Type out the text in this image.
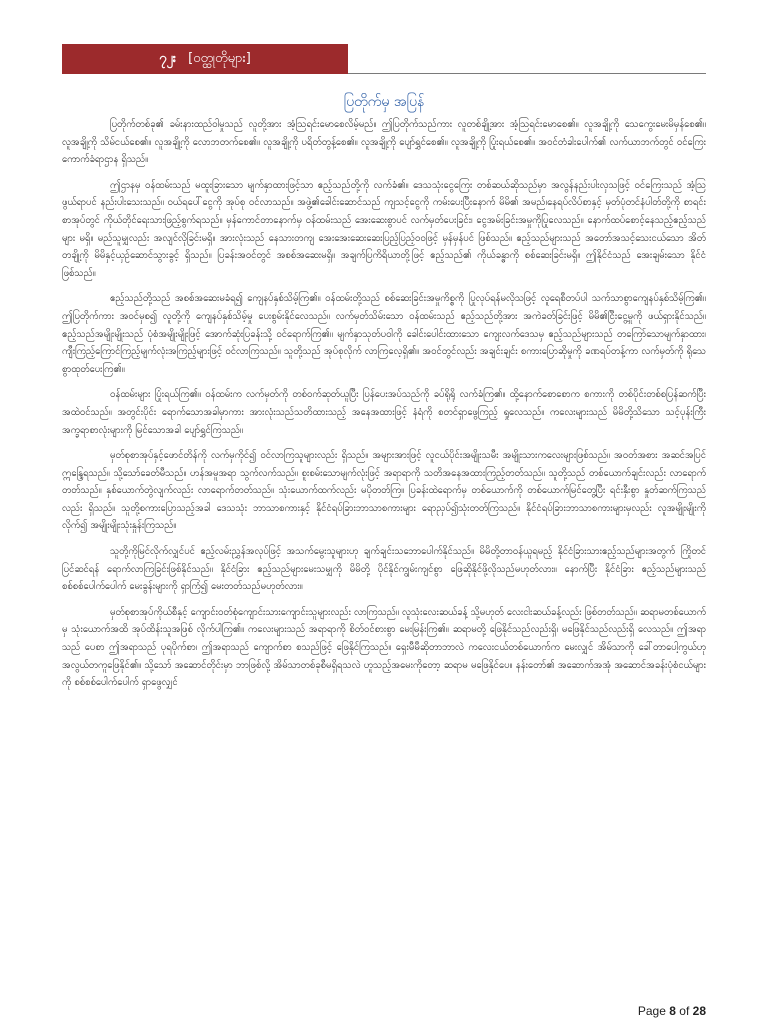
၇၂း [ဝတ္ထုတိုများ]
ပြတိုက်မှ အပြန်

ပြတိုက်တစ်ခု၏ ခမ်းနားထည်ဝါမှုသည် လူတို့အား အံ့သြရင်းမောစေလိမ့်မည်။ ဤပြတိုက်သည်ကား လူတစ်ချို့အား အံ့သြရင်းမောစေ၏။ လူအချို့ကို သေကွေးမေးမိမှန်စေ၏။ လူအချို့ကို သိမ်ငယ်စေ၏။ လူအချို့ကို လောဘတက်စေ၏။ လူအချို့ကို ပရိတ်တွန့်စေ၏။ လူအချို့ကို ပျော်ရွှင်စေ၏။ လူအချို့ကို ပြုံးရယ်စေ၏။ အဝင်တံခါးပေါက်၏ လက်ယာဘက်တွင် ဝင်ကြေးကောက်ခံရာဌာန ရှိသည်။

ဤဌာနမှ ဝန်ထမ်းသည် မထူးခြားသော မျက်နှာထားဖြင့်သာ ဧည့်သည်တို့ကို လက်ခံ၏။ ဒေသသုံးငွေကြေး တစ်ဆယ်ဆိုသည်မှာ အလွန်နည်းပါးလှသဖြင့် ဝင်ကြေးသည် အံ့သြဖွယ်ရာပင် နည်းပါးသေးသည်။ ဝယ်ရပေါ်ငွေကို အုပ်စု ဝင်လာသည်။ အဖွဲ့၏ခေါင်းဆောင်သည် ကျသင့်ငွေကို ကမ်းပေးပြီးနောက် မိမိ၏ အမည်၊နေရပ်လိပ်စာနှင့် မှတ်ပုံတင်နံပါတ်တို့ကို စာရင်းစာအုပ်တွင် ကိုယ်တိုင်ရေးသားဖြည့်စွက်ရသည်။ မှန်ကောင်တာနောက်မှ ဝန်ထမ်းသည် အေးဆေးစွာပင် လက်မှတ်ပေးခြင်း၊ ငွေအမ်းခြင်းအမှုကိုပြုလေသည်။ နောက်ထပ်စောင့်နေသည့်ဧည့်သည်များ မရှိ။ မည်သူမျှလည်း အလျင်လိုခြင်းမရှိ။ အားလုံးသည် နေသားတကျ အေးအေးဆေးဆေးပြည့်ပြည့်ဝဝဖြင့် မှန်မှန်ပင် ဖြစ်သည်။ ဧည့်သည်များသည် အတော်အသင့်သေးငယ်သော အိတ်တချို့ကို မိမိနှင့်ယှဉ်ဆောင်သွားခွင့် ရှိသည်။ ပြခန်းအဝင်တွင် အစစ်အဆေးမရှိ။ အချက်ပြကိရိယာတို့ဖြင့် ဧည့်သည်၏ ကိုယ်ခန္ဓာကို စစ်ဆေးခြင်းမရှိ။ ဤနိုင်ငံသည် အေးချမ်းသော နိုင်ငံဖြစ်သည်။

ဧည့်သည်တို့သည် အစစ်အဆေးမခံရ၍ ကျေနပ်နှစ်သိမ့်ကြ၏။ ဝန်ထမ်းတို့သည် စစ်ဆေးခြင်းအမှုကိစ္စကို ပြုလုပ်ရန်မလိုသဖြင့် လူရေစီတပ်ပါ သက်သာစွာကျေနပ်နှစ်သိမ့်ကြ၏။ ဤပြတိုက်ကား အဝင်မှစ၍ လူတို့ကို ကျေနပ်နှစ်သိမ့်မှု ပေးစွမ်းနိုင်လေသည်။ လက်မှတ်သိမ်းသော ဝန်ထမ်းသည် ဧည့်သည်တို့အား အကဲခတ်ခြင်းဖြင့် မိမိ၏ငြီးငွေ့မှုကို ဖယ်ရှားနိုင်သည်။ ဧည့်သည်အမျိုးမျိုးသည် ပုံစံအမျိုးမျိုးဖြင့် အောက်ဆုံးပြခန်းသို့ ဝင်ရောက်ကြ၏။ မျက်နှာသုတ်ပဝါကို ခေါင်းပေါင်းထားသော ကျေးလက်ဒေသမှ ဧည့်သည်များသည် တကြော်သောမျက်နှာထား၊ ကျီးကြည့်ကြောင်ကြည့်မျက်လုံးအကြည့်များဖြင့် ဝင်လာကြသည်။ သူတို့သည် အုပ်စုလိုက် လာကြလေ့ရှိ၏။ အဝင်တွင်လည်း အချင်းချင်း စကားပြောဆိုမှုကို ခဏရပ်တန့်ကာ လက်မှတ်ကို ရိုသေစွာထုတ်ပေးကြ၏။

ဝန်ထမ်းများ ပြုံးရယ်ကြ၏။ ဝန်ထမ်းက လက်မှတ်ကို တစ်ဝက်ဆုတ်ယူပြီး ပြန်ပေးအပ်သည်ကို ခပ်ရိုရို လက်ခံကြ၏။ ထို့နောက်စောစောက စကားကို တစ်ပိုင်းတစ်စပြန်ဆက်ပြီး အထဲဝင်သည်။ အတွင်းပိုင်း ရောက်သောအခါမှာကား အားလုံးသည်သတိထားသည့် အနေအထားဖြင့် နံရံကို စတင်ရှာဖွေကြည့် ရှုလေသည်။ ကလေးများသည် မိမိတို့သိသော သင့်ပုန်းကြီးအက္ခရာစာလုံးများကို မြင်သောအခါ ပျော်ရွှင်ကြသည်။

မှတ်စုစာအုပ်နှင့်ဖောင်တိန်ကို လက်မှကိုင်၍ ဝင်လာကြသူများလည်း ရှိသည်။ အများအားဖြင့် လူငယ်ပိုင်းအမျိုးသမီး အမျိုးသားကလေးများဖြစ်သည်။ အဝတ်အစား အဆင်အပြင် ဣန္ဒြေရသည်။ သို့သော်ခေတ်မီသည်။ ဟန်အမူအရာ သွက်လက်သည်။ စူးစမ်းသောမျက်လုံးဖြင့် အရာရာကို သတိအနေအထားကြည့်တတ်သည်။ သူတို့သည် တစ်ယောက်ချင်းလည်း လာရောက်တတ်သည်။ နှစ်ယောက်တွဲလျက်လည်း လာရောက်တတ်သည်။ သုံးယောက်ထက်လည်း မပိုတတ်ကြ။ ပြခန်းထဲရောက်မှ တစ်ယောက်ကို တစ်ယောက်မြင်တွေ့ပြီး ရင်းနှီးစွာ နှုတ်ဆက်ကြသည်လည်း ရှိသည်။ သူတို့စကားပြောသည့်အခါ ဒေသသုံး ဘာသာစကားနှင့် နိုင်ငံရပ်ခြားဘာသာစကားများ ရောညှပ်၍သုံးတတ်ကြသည်။ နိုင်ငံရပ်ခြားဘာသာစကားများမှလည်း လူအမျိုးမျိုးကိုလိုက်၍ အမျိုးမျိုးသုံးနှုန်းကြသည်။

သူတို့ကိုမြင်လိုက်လျှင်ပင် ဧည့်လမ်းညွှန်အလုပ်ဖြင့် အသက်မွေးသူများဟု ချက်ချင်းသဘောပေါက်နိုင်သည်။ မိမိတို့တာဝန်ယူရမည့် နိုင်ငံခြားသားဧည့်သည်များအတွက် ကြိုတင်ပြင်ဆင်ရန် ရောက်လာကြခြင်းဖြစ်နိုင်သည်။ နိုင်ငံခြား ဧည့်သည်များမေးသမျှကို မိမိတို့ ပိုင်နိုင်ကျွမ်းကျင်စွာ ဖြေဆိုနိုင်ဖို့လိုသည်မဟုတ်လား။ နောက်ပြီး နိုင်ငံခြား ဧည့်သည်များသည် စစ်စစ်ပေါက်ပေါက် မေးခွန်းများကို ရှာကြံ၍ မေးတတ်သည်မဟုတ်လား။

မှတ်စုစာအုပ်ကိုယ်စီနှင့် ကျောင်းဝတ်စုံကျောင်းသားကျောင်းသူများလည်း လာကြသည်။ လူသုံးလေးဆယ်ခန့် သို့မဟုတ် လေးငါးဆယ်ခန့်လည်း ဖြစ်တတ်သည်။ ဆရာမတစ်ယောက်မှ သုံးယောက်အထိ အုပ်ထိန်းသူအဖြစ် လိုက်ပါကြ၏။ ကလေးများသည် အရာရာကို စိတ်ဝင်စားစွာ မေးမြန်းကြ၏။ ဆရာမတို့ ဖြေနိုင်သည်လည်းရှိ၊ မဖြေနိုင်သည်လည်းရှိ လေသည်။ ဤအရာသည် ပေစာ ဤအရာသည် ပုရပိုက်စာ၊ ဤအရာသည် ကျောက်စာ စသည်ဖြင့် ဖြေနိုင်ကြသည်။ ရှေးမီမီဆိုတာဘာလဲ ကလေးငယ်တစ်ယောက်က မေးလျှင် အိမ်သာကို ခေါ်တာပေါ့ကွယ်ဟု အလွယ်တကူဖြေနိုင်၏။ သို့သော် အဆောင်တိုင်းမှာ ဘာဖြစ်လို့ အိမ်သာတစ်ခုစီမရှိရသလဲ ဟူသည့်အမေးကိုတော့ ဆရာမ မဖြေနိုင်ပေ။ နန်းတော်၏ အဆောက်အအုံ အဆောင်အခန်းပုံစံငယ်များကို စစ်စစ်ပေါက်ပေါက် ရှာဖွေလျှင်

Page 8 of 28
